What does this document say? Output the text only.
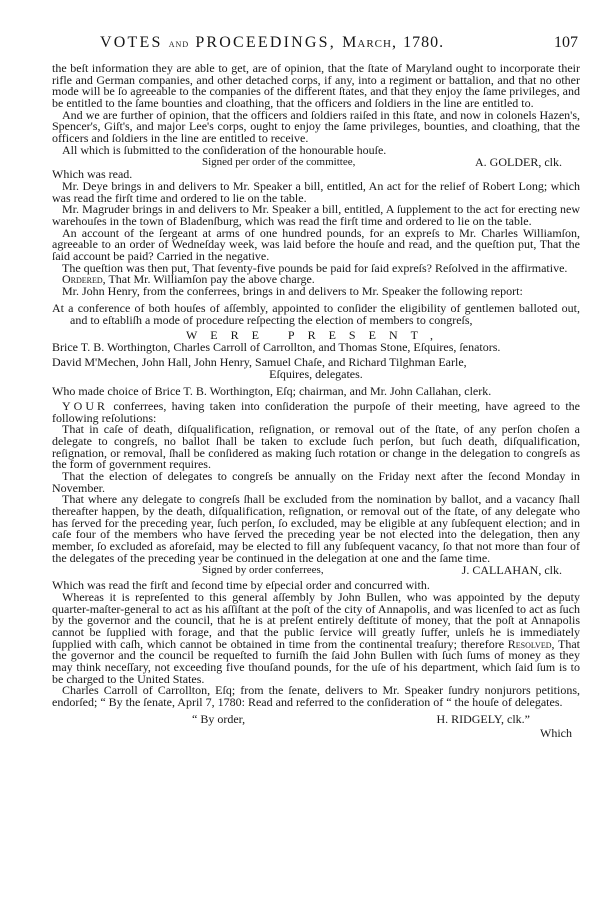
VOTES and PROCEEDINGS, March, 1780.	107

the beſt information they are able to get, are of opinion, that the ſtate of Maryland ought to incorporate their rifle and German companies, and other detached corps, if any, into a regiment or battalion, and that no other mode will be ſo agreeable to the companies of the different ſtates, and that they enjoy the ſame privileges, and be entitled to the ſame bounties and cloathing, that the officers and ſoldiers in the line are entitled to.

And we are further of opinion, that the officers and ſoldiers raiſed in this ſtate, and now in colonels Hazen's, Spencer's, Giſt's, and major Lee's corps, ought to enjoy the ſame privileges, bounties, and cloathing, that the officers and ſoldiers in the line are entitled to receive.

All which is ſubmitted to the conſideration of the honourable houſe.

Signed per order of the committee,	A. GOLDER, clk.

Which was read.

Mr. Deye brings in and delivers to Mr. Speaker a bill, entitled, An act for the relief of Robert Long; which was read the firſt time and ordered to lie on the table.

Mr. Magruder brings in and delivers to Mr. Speaker a bill, entitled, A ſupplement to the act for erecting new warehouſes in the town of Bladenſburg, which was read the firſt time and ordered to lie on the table.

An account of the ſergeant at arms of one hundred pounds, for an expreſs to Mr. Charles Williamſon, agreeable to an order of Wedneſday week, was laid before the houſe and read, and the queſtion put, That the ſaid account be paid? Carried in the negative.

The queſtion was then put, That ſeventy-five pounds be paid for ſaid expreſs? Reſolved in the affirmative.

Ordered, That Mr. Williamſon pay the above charge.

Mr. John Henry, from the conferrees, brings in and delivers to Mr. Speaker the following report:

At a conference of both houſes of aſſembly, appointed to conſider the eligibility of gentlemen balloted out, and to eſtabliſh a mode of procedure reſpecting the election of members to congreſs,

WERE PRESENT,

Brice T. B. Worthington, Charles Carroll of Carrollton, and Thomas Stone, Eſquires, ſenators.

David M'Mechen, John Hall, John Henry, Samuel Chaſe, and Richard Tilghman Earle,

Eſquires, delegates.

Who made choice of Brice T. B. Worthington, Eſq; chairman, and Mr. John Callahan, clerk.

YOUR conferrees, having taken into conſideration the purpoſe of their meeting, have agreed to the following reſolutions:

That in caſe of death, diſqualification, reſignation, or removal out of the ſtate, of any perſon choſen a delegate to congreſs, no ballot ſhall be taken to exclude ſuch perſon, but ſuch death, diſqualification, reſignation, or removal, ſhall be conſidered as making ſuch rotation or change in the delegation to congreſs as the form of government requires.

That the election of delegates to congreſs be annually on the Friday next after the ſecond Monday in November.

That where any delegate to congreſs ſhall be excluded from the nomination by ballot, and a vacancy ſhall thereafter happen, by the death, diſqualification, reſignation, or removal out of the ſtate, of any delegate who has ſerved for the preceding year, ſuch perſon, ſo excluded, may be eligible at any ſubſequent election; and in caſe four of the members who have ſerved the preceding year be not elected into the delegation, then any member, ſo excluded as aforeſaid, may be elected to fill any ſubſequent vacancy, ſo that not more than four of the delegates of the preceding year be continued in the delegation at one and the ſame time.

Signed by order conferrees,	J. CALLAHAN, clk.

Which was read the firſt and ſecond time by eſpecial order and concurred with.

Whereas it is repreſented to this general aſſembly by John Bullen, who was appointed by the deputy quarter-maſter-general to act as his aſſiſtant at the poſt of the city of Annapolis, and was licenſed to act as ſuch by the governor and the council, that he is at preſent entirely deſtitute of money, that the poſt at Annapolis cannot be ſupplied with forage, and that the public ſervice will greatly ſuffer, unleſs he is immediately ſupplied with caſh, which cannot be obtained in time from the continental treaſury; therefore Resolved, That the governor and the council be requeſted to furniſh the ſaid John Bullen with ſuch ſums of money as they may think neceſſary, not exceeding five thouſand pounds, for the uſe of his department, which ſaid ſum is to be charged to the United States.

Charles Carroll of Carrollton, Eſq; from the ſenate, delivers to Mr. Speaker ſundry nonjurors petitions, endorſed; “ By the ſenate, April 7, 1780: Read and referred to the conſideration of “ the houſe of delegates.

“ By order,	H. RIDGELY, clk.”
Which
